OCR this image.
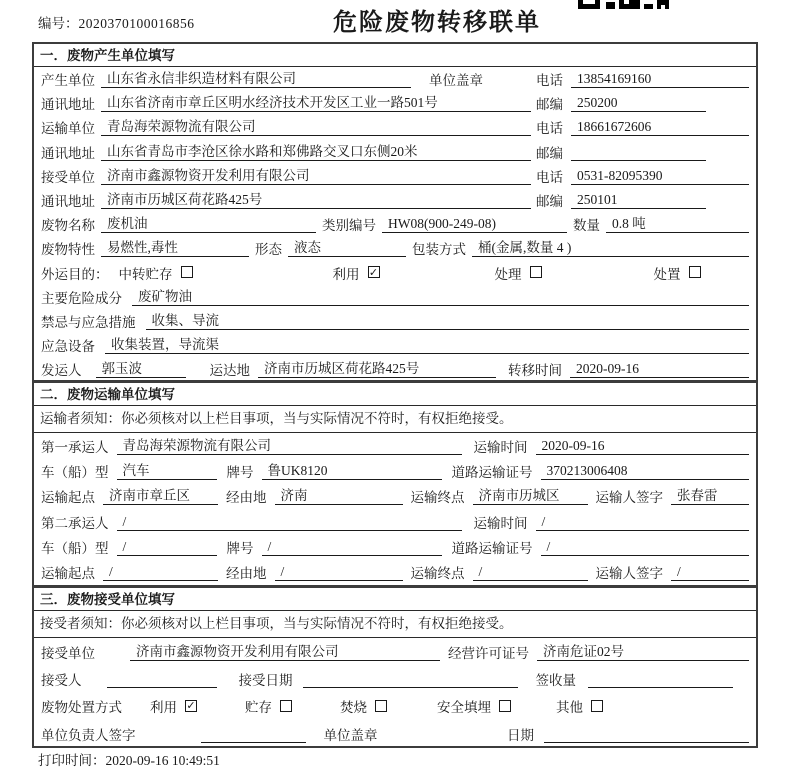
编号：2020370100016856	危险废物转移联单
一．废物产生单位填写
产生单位 山东省永信非织造材料有限公司	单位盖章	电话	13854169160
通讯地址 山东省济南市章丘区明水经济技术开发区工业一路501号	邮编	250200
运输单位 青岛海荣源物流有限公司	电话	18661672606
通讯地址 山东省青岛市李沧区徐水路和郑佛路交叉口东侧20米	邮编
接受单位 济南市鑫源物资开发利用有限公司	电话	0531-82095390
通讯地址 济南市历城区荷花路425号	邮编	250101
废物名称 废机油	类别编号 HW08(900-249-08)	数量 0.8 吨
废物特性 易燃性,毒性	形态 液态	包装方式 桶(金属,数量 4 )
外运目的： 中转贮存	利用 ✓	处理	处置
主要危险成分	废矿物油
禁忌与应急措施	收集、导流
应急设备	收集装置，导流渠
发运人	郭玉波	运达地	济南市历城区荷花路425号	转移时间	2020-09-16
二．废物运输单位填写
运输者须知：你必须核对以上栏目事项，当与实际情况不符时，有权拒绝接受。
第一承运人	青岛海荣源物流有限公司	运输时间	2020-09-16
车（船）型	汽车	牌号	鲁UK8120	道路运输证号	370213006408
运输起点	济南市章丘区	经由地	济南	运输终点	济南市历城区	运输人签字	张春雷
第二承运人	/	运输时间	/
车（船）型	/	牌号	/	道路运输证号	/
运输起点	/	经由地	/	运输终点	/	运输人签字	/
三．废物接受单位填写
接受者须知：你必须核对以上栏目事项，当与实际情况不符时，有权拒绝接受。
接受单位	济南市鑫源物资开发利用有限公司	经营许可证号	济南危证02号
接受人	接受日期	签收量
废物处置方式 利用 ✓	贮存	焚烧	安全填埋	其他
单位负责人签字	单位盖章	日期
打印时间：2020-09-16 10:49:51
